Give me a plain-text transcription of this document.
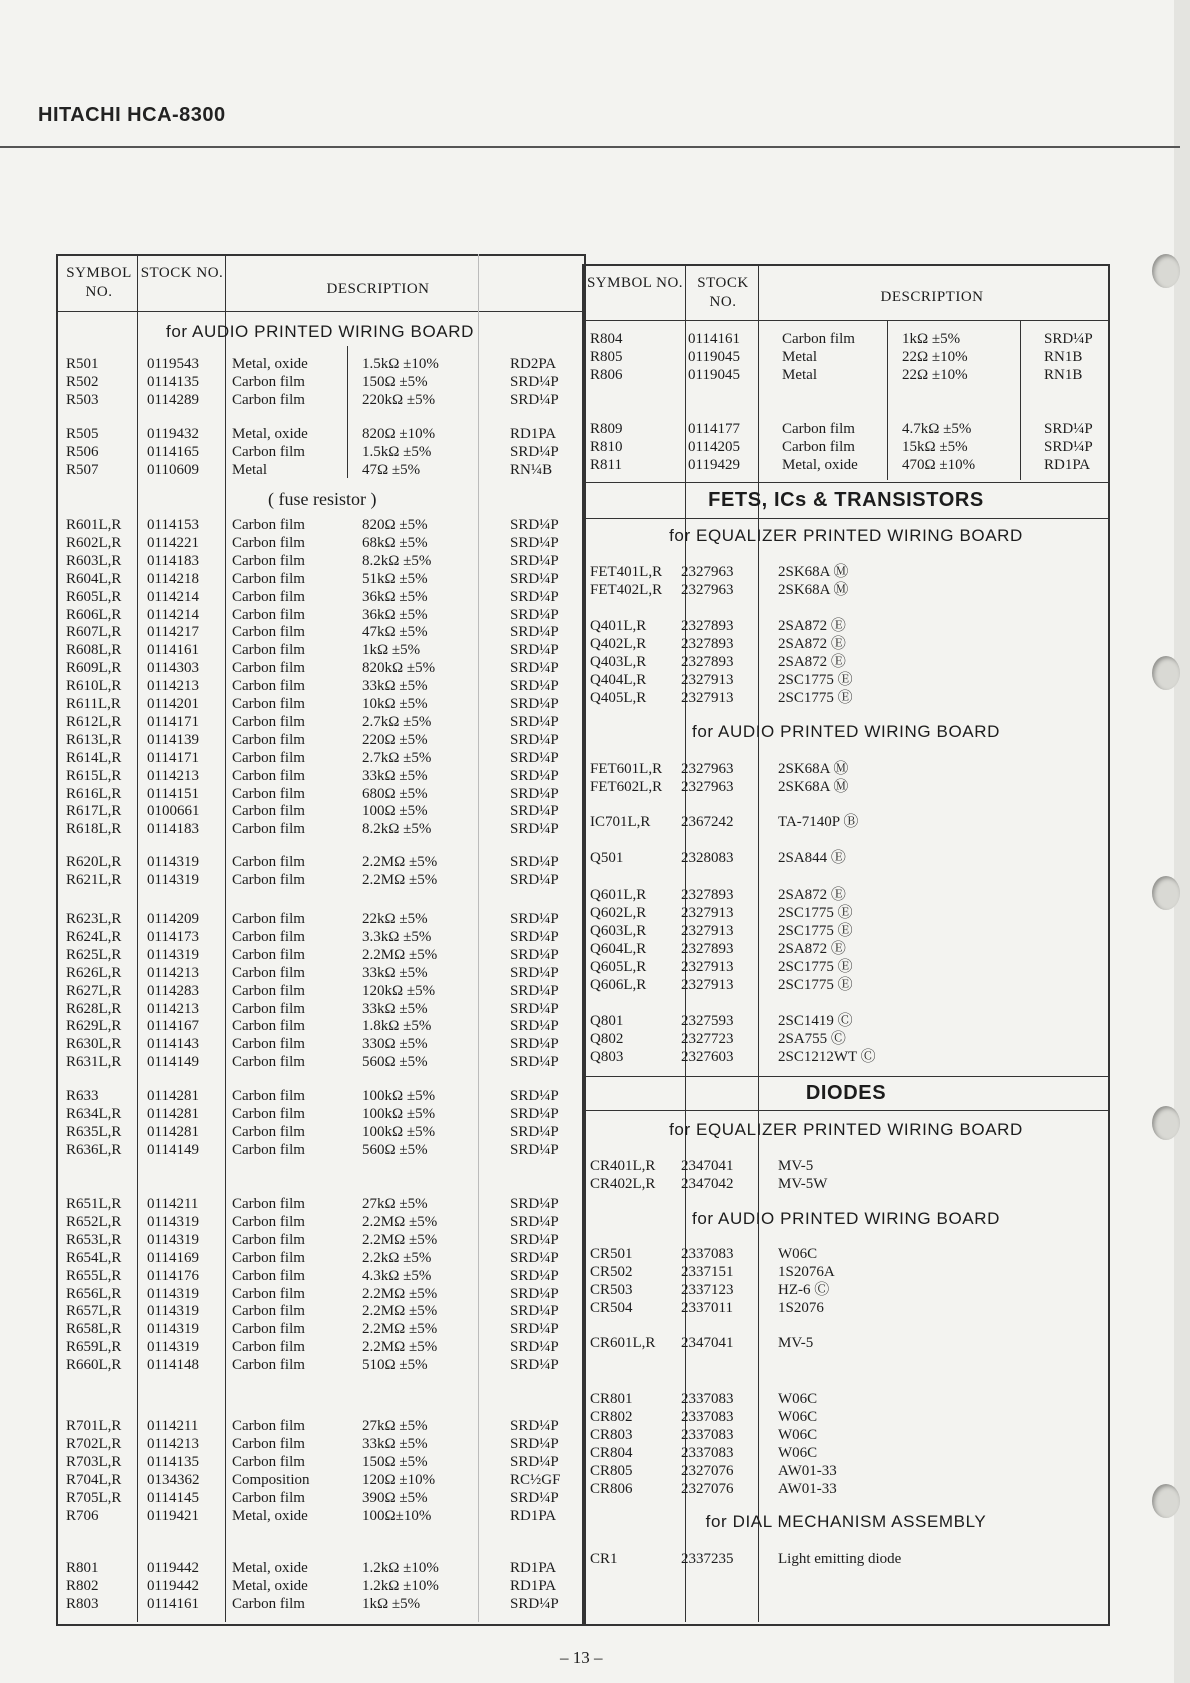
HITACHI HCA-8300
SYMBOL NO.
STOCK NO.
DESCRIPTION	SYMBOL NO. STOCK NO.	DESCRIPTION
– 13 –
for AUDIO PRINTED WIRING BOARD
R501	0119543 Metal, oxide	1.5kΩ ±10%	RD2PA
R502	0114135 Carbon film	150Ω ±5%	SRD¼P
R503	0114289 Carbon film	220kΩ ±5%	SRD¼P
R505	0119432 Metal, oxide	820Ω ±10%	RD1PA
R506	0114165 Carbon film	1.5kΩ ±5%	SRD¼P
R507	0110609 Metal	47Ω ±5%	RN¼B
R601L,R 0114153 Carbon film	820Ω ±5%	SRD¼P
R602L,R 0114221 Carbon film	68kΩ ±5%	SRD¼P
R603L,R 0114183 Carbon film	8.2kΩ ±5%	SRD¼P
R604L,R 0114218 Carbon film	51kΩ ±5%	SRD¼P
R605L,R 0114214 Carbon film	36kΩ ±5%	SRD¼P
R606L,R 0114214 Carbon film	36kΩ ±5%	SRD¼P
R607L,R 0114217 Carbon film	47kΩ ±5%	SRD¼P
R608L,R 0114161 Carbon film	1kΩ ±5%	SRD¼P
R609L,R 0114303 Carbon film	820kΩ ±5%	SRD¼P
R610L,R 0114213 Carbon film	33kΩ ±5%	SRD¼P
R611L,R 0114201 Carbon film	10kΩ ±5%	SRD¼P
R612L,R 0114171 Carbon film	2.7kΩ ±5%	SRD¼P
R613L,R 0114139 Carbon film	220Ω ±5%	SRD¼P
R614L,R 0114171 Carbon film	2.7kΩ ±5%	SRD¼P
R615L,R 0114213 Carbon film	33kΩ ±5%	SRD¼P
R616L,R 0114151 Carbon film	680Ω ±5%	SRD¼P
R617L,R 0100661 Carbon film	100Ω ±5%	SRD¼P
R618L,R 0114183 Carbon film	8.2kΩ ±5%	SRD¼P
R620L,R 0114319 Carbon film	2.2MΩ ±5%	SRD¼P
R621L,R 0114319 Carbon film	2.2MΩ ±5%	SRD¼P
R623L,R 0114209 Carbon film	22kΩ ±5%	SRD¼P
R624L,R 0114173 Carbon film	3.3kΩ ±5%	SRD¼P
R625L,R 0114319 Carbon film	2.2MΩ ±5%	SRD¼P
R626L,R 0114213 Carbon film	33kΩ ±5%	SRD¼P
R627L,R 0114283 Carbon film	120kΩ ±5%	SRD¼P
R628L,R 0114213 Carbon film	33kΩ ±5%	SRD¼P
R629L,R 0114167 Carbon film	1.8kΩ ±5%	SRD¼P
R630L,R 0114143 Carbon film	330Ω ±5%	SRD¼P
R631L,R 0114149 Carbon film	560Ω ±5%	SRD¼P
R633	0114281 Carbon film	100kΩ ±5%	SRD¼P
R634L,R 0114281 Carbon film	100kΩ ±5%	SRD¼P
R635L,R 0114281 Carbon film	100kΩ ±5%	SRD¼P
R636L,R 0114149 Carbon film	560Ω ±5%	SRD¼P
R651L,R 0114211 Carbon film	27kΩ ±5%	SRD¼P
R652L,R 0114319 Carbon film	2.2MΩ ±5%	SRD¼P
R653L,R 0114319 Carbon film	2.2MΩ ±5%	SRD¼P
R654L,R 0114169 Carbon film	2.2kΩ ±5%	SRD¼P
R655L,R 0114176 Carbon film	4.3kΩ ±5%	SRD¼P
R656L,R 0114319 Carbon film	2.2MΩ ±5%	SRD¼P
R657L,R 0114319 Carbon film	2.2MΩ ±5%	SRD¼P
R658L,R 0114319 Carbon film	2.2MΩ ±5%	SRD¼P
R659L,R 0114319 Carbon film	2.2MΩ ±5%	SRD¼P
R660L,R 0114148 Carbon film	510Ω ±5%	SRD¼P
R701L,R 0114211 Carbon film	27kΩ ±5%	SRD¼P
R702L,R 0114213 Carbon film	33kΩ ±5%	SRD¼P
R703L,R 0114135 Carbon film	150Ω ±5%	SRD¼P
R704L,R 0134362 Composition	120Ω ±10%	RC½GF
R705L,R 0114145 Carbon film	390Ω ±5%	SRD¼P
R706	0119421 Metal, oxide	100Ω±10%	RD1PA
R801	0119442 Metal, oxide	1.2kΩ ±10%	RD1PA
R802	0119442 Metal, oxide	1.2kΩ ±10%	RD1PA
R803	0114161 Carbon film	1kΩ ±5%	SRD¼P
( fuse resistor )
R804	0114161	Carbon film	1kΩ ±5%	SRD¼P
R805	0119045	Metal	22Ω ±10%	RN1B
R806	0119045	Metal	22Ω ±10%	RN1B
R809	0114177	Carbon film	4.7kΩ ±5%	SRD¼P
R810	0114205	Carbon film	15kΩ ±5%	SRD¼P
R811	0119429	Metal, oxide	470Ω ±10%	RD1PA
FETS, ICs & TRANSISTORS
for EQUALIZER PRINTED WIRING BOARD
FET401L,R 2327963	2SK68A Ⓜ
FET402L,R 2327963	2SK68A Ⓜ
Q401L,R 2327893	2SA872 Ⓔ
Q402L,R 2327893	2SA872 Ⓔ
Q403L,R 2327893	2SA872 Ⓔ
Q404L,R 2327913	2SC1775 Ⓔ
Q405L,R 2327913	2SC1775 Ⓔ
for AUDIO PRINTED WIRING BOARD
FET601L,R 2327963	2SK68A Ⓜ
FET602L,R 2327963	2SK68A Ⓜ
IC701L,R 2367242	TA-7140P Ⓑ
Q501	2328083	2SA844 Ⓔ
Q601L,R 2327893	2SA872 Ⓔ
Q602L,R 2327913	2SC1775 Ⓔ
Q603L,R 2327913	2SC1775 Ⓔ
Q604L,R 2327893	2SA872 Ⓔ
Q605L,R 2327913	2SC1775 Ⓔ
Q606L,R 2327913	2SC1775 Ⓔ
Q801	2327593	2SC1419 Ⓒ
Q802	2327723	2SA755 Ⓒ
Q803	2327603	2SC1212WT Ⓒ
DIODES
for EQUALIZER PRINTED WIRING BOARD
CR401L,R 2347041	MV-5
CR402L,R 2347042	MV-5W
for AUDIO PRINTED WIRING BOARD
CR501	2337083	W06C
CR502	2337151	1S2076A
CR503	2337123	HZ-6 Ⓒ
CR504	2337011	1S2076
CR601L,R 2347041	MV-5
CR801	2337083	W06C
CR802	2337083	W06C
CR803	2337083	W06C
CR804	2337083	W06C
CR805	2327076	AW01-33
CR806	2327076	AW01-33
for DIAL MECHANISM ASSEMBLY
CR1	2337235	Light emitting diode
